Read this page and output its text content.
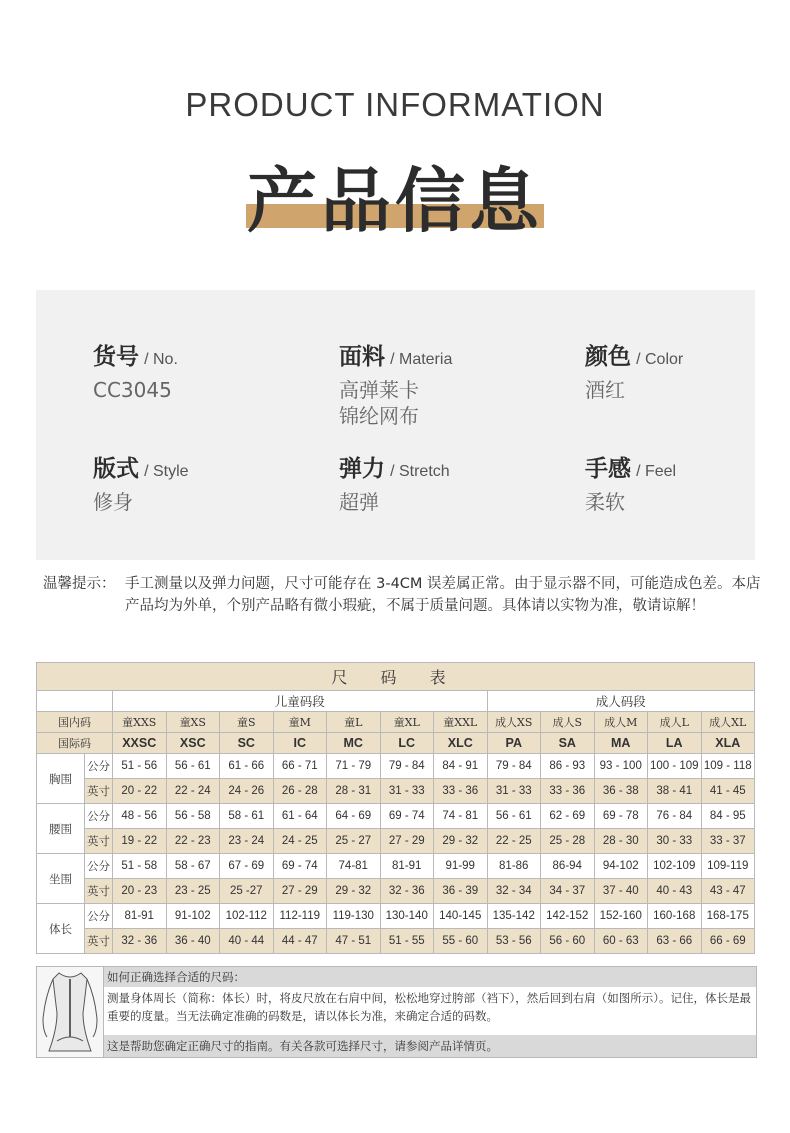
PRODUCT INFORMATION
产品信息
货号 / No.
CC3045
面料 / Materia
高弹莱卡
锦纶网布
颜色 / Color
酒红
版式 / Style
修身
弹力 / Stretch
超弹
手感 / Feel
柔软
温馨提示： 手工测量以及弹力问题，尺寸可能存在 3-4CM 误差属正常。由于显示器不同，可能造成色差。本店产品均为外单，个别产品略有微小瑕疵，不属于质量问题。具体请以实物为准，敬请谅解！
尺 码 表													
		儿童码段							成人码段				
国内码		童XXS	童XS	童S	童M	童L	童XL	童XXL	成人XS	成人S	成人M	成人L	成人XL
国际码		XXSC	XSC	SC	IC	MC	LC	XLC	PA	SA	MA	LA	XLA
胸围	公分	51 - 56	56 - 61	61 - 66	66 - 71	71 - 79	79 - 84	84 - 91	79 - 84	86 - 93	93 - 100	100 - 109	109 - 118
	英寸	20 - 22	22 - 24	24 - 26	26 - 28	28 - 31	31 - 33	33 - 36	31 - 33	33 - 36	36 - 38	38 - 41	41 - 45
腰围	公分	48 - 56	56 - 58	58 - 61	61 - 64	64 - 69	69 - 74	74 - 81	56 - 61	62 - 69	69 - 78	76 - 84	84 - 95
	英寸	19 - 22	22 - 23	23 - 24	24 - 25	25 - 27	27 - 29	29 - 32	22 - 25	25 - 28	28 - 30	30 - 33	33 - 37
坐围	公分	51 - 58	58 - 67	67 - 69	69 - 74	74-81	81-91	91-99	81-86	86-94	94-102	102-109	109-119
	英寸	20 - 23	23 - 25	25 -27	27 - 29	29 - 32	32 - 36	36 - 39	32 - 34	34 - 37	37 - 40	40 - 43	43 - 47
体长	公分	81-91	91-102	102-112	112-119	119-130	130-140	140-145	135-142	142-152	152-160	160-168	168-175
	英寸	32 - 36	36 - 40	40 - 44	44 - 47	47 - 51	51 - 55	55 - 60	53 - 56	56 - 60	60 - 63	63 - 66	66 - 69
如何正确选择合适的尺码：
测量身体周长（简称：体长）时，将皮尺放在右肩中间，松松地穿过胯部（裆下），然后回到右肩（如图所示）。记住，体长是最重要的度量。当无法确定准确的码数是，请以体长为准，来确定合适的码数。
这是帮助您确定正确尺寸的指南。有关各款可选择尺寸，请参阅产品详情页。
